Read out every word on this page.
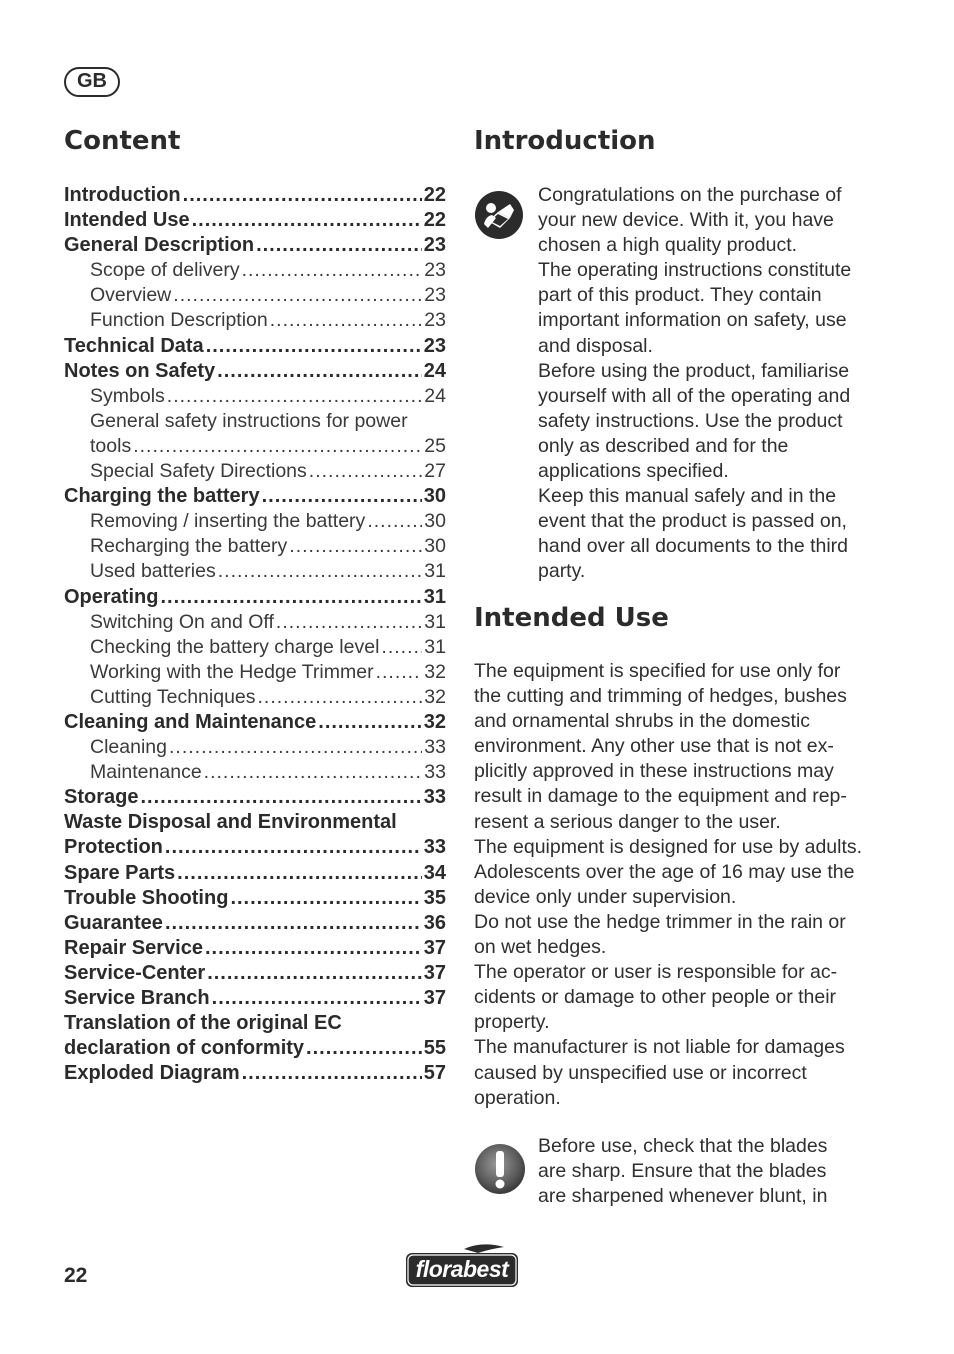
GB
Content
Introduction .....	22
Intended Use .....	22
General Description .....	23
Scope of delivery .....	23
Overview .....	23
Function Description .....	23
Technical Data .....	23
Notes on Safety .....	24
Symbols .....	24
General safety instructions for power
tools .....	25
Special Safety Directions .....	27
Charging the battery .....	30
Removing / inserting the battery .....	30
Recharging the battery .....	30
Used batteries .....	31
Operating .....	31
Switching On and Off .....	31
Checking the battery charge level ..... 31
Working with the Hedge Trimmer .....	32
Cutting Techniques .....	32
Cleaning and Maintenance .....	32
Cleaning .....	33
Maintenance .....	33
Storage .....	33
Waste Disposal and Environmental
Protection .....	33
Spare Parts .....	34
Trouble Shooting .....	35
Guarantee .....	36
Repair Service .....	37
Service-Center .....	37
Service Branch .....	37
Translation of the original EC
declaration of conformity .....	55
Exploded Diagram .....	57
Introduction

Congratulations on the purchase of your new device. With it, you have chosen a high quality product.

The operating instructions constitute part of this product. They contain important information on safety, use and disposal.

Before using the product, familiarise yourself with all of the operating and safety instructions. Use the product only as described and for the applications specified.

Keep this manual safely and in the event that the product is passed on, hand over all documents to the third party.

Intended Use

The equipment is specified for use only for the cutting and trimming of hedges, bushes and ornamental shrubs in the domestic environment. Any other use that is not explicitly approved in these instructions may result in damage to the equipment and represent a serious danger to the user.

The equipment is designed for use by adults. Adolescents over the age of 16 may use the device only under supervision.

Do not use the hedge trimmer in the rain or on wet hedges.

The operator or user is responsible for accidents or damage to other people or their property.

The manufacturer is not liable for damages caused by unspecified use or incorrect operation.

Before use, check that the blades are sharp. Ensure that the blades are sharpened whenever blunt, in

22	florabest
